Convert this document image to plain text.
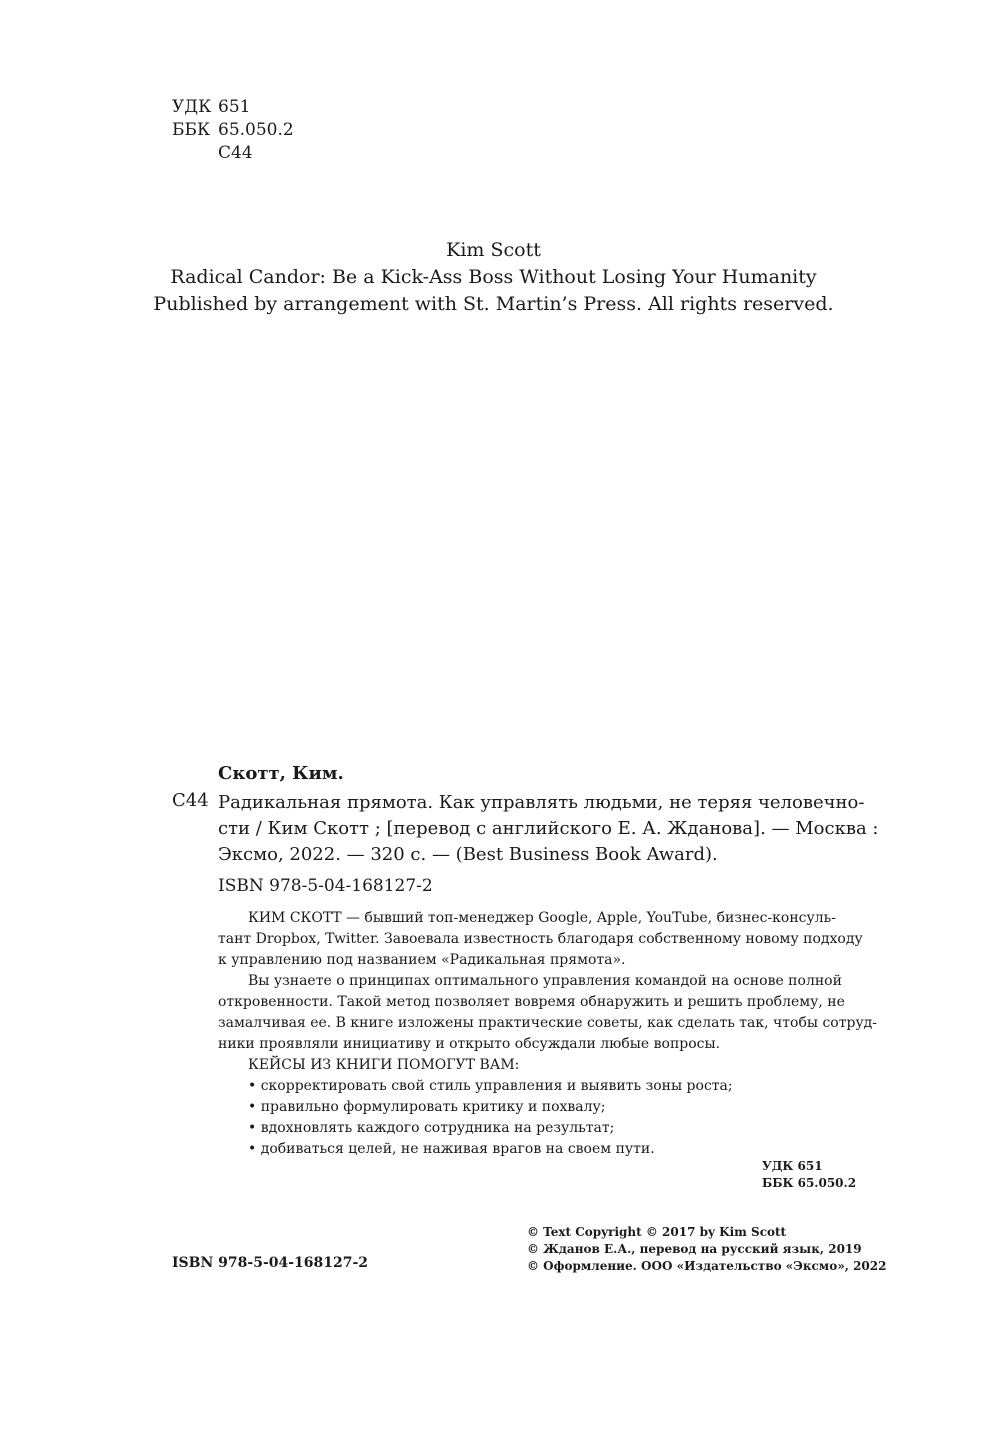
УДК 651
ББК 65.050.2
С44
Kim Scott
Radical Candor: Be a Kick-Ass Boss Without Losing Your Humanity
Published by arrangement with St. Martin’s Press. All rights reserved.
Скотт, Ким.
С44 Радикальная прямота. Как управлять людьми, не теряя человечно-
сти / Ким Скотт ; [перевод с английского Е. А. Жданова]. — Москва :
Эксмо, 2022. — 320 с. — (Best Business Book Award).
ISBN 978-5-04-168127-2
КИМ СКОТТ — бывший топ-менеджер Google, Apple, YouTube, бизнес-консуль-
тант Dropbox, Twitter. Завоевала известность благодаря собственному новому подходу
к управлению под названием «Радикальная прямота».
Вы узнаете о принципах оптимального управления командой на основе полной
откровенности. Такой метод позволяет вовремя обнаружить и решить проблему, не
замалчивая ее. В книге изложены практические советы, как сделать так, чтобы сотруд-
ники проявляли инициативу и открыто обсуждали любые вопросы.
КЕЙСЫ ИЗ КНИГИ ПОМОГУТ ВАМ:
• скорректировать свой стиль управления и выявить зоны роста;
• правильно формулировать критику и похвалу;
• вдохновлять каждого сотрудника на результат;
• добиваться целей, не наживая врагов на своем пути.
УДК 651
ББК 65.050.2
ISBN 978-5-04-168127-2
© Text Copyright © 2017 by Kim Scott
© Жданов Е.А., перевод на русский язык, 2019
© Оформление. ООО «Издательство «Эксмо», 2022
